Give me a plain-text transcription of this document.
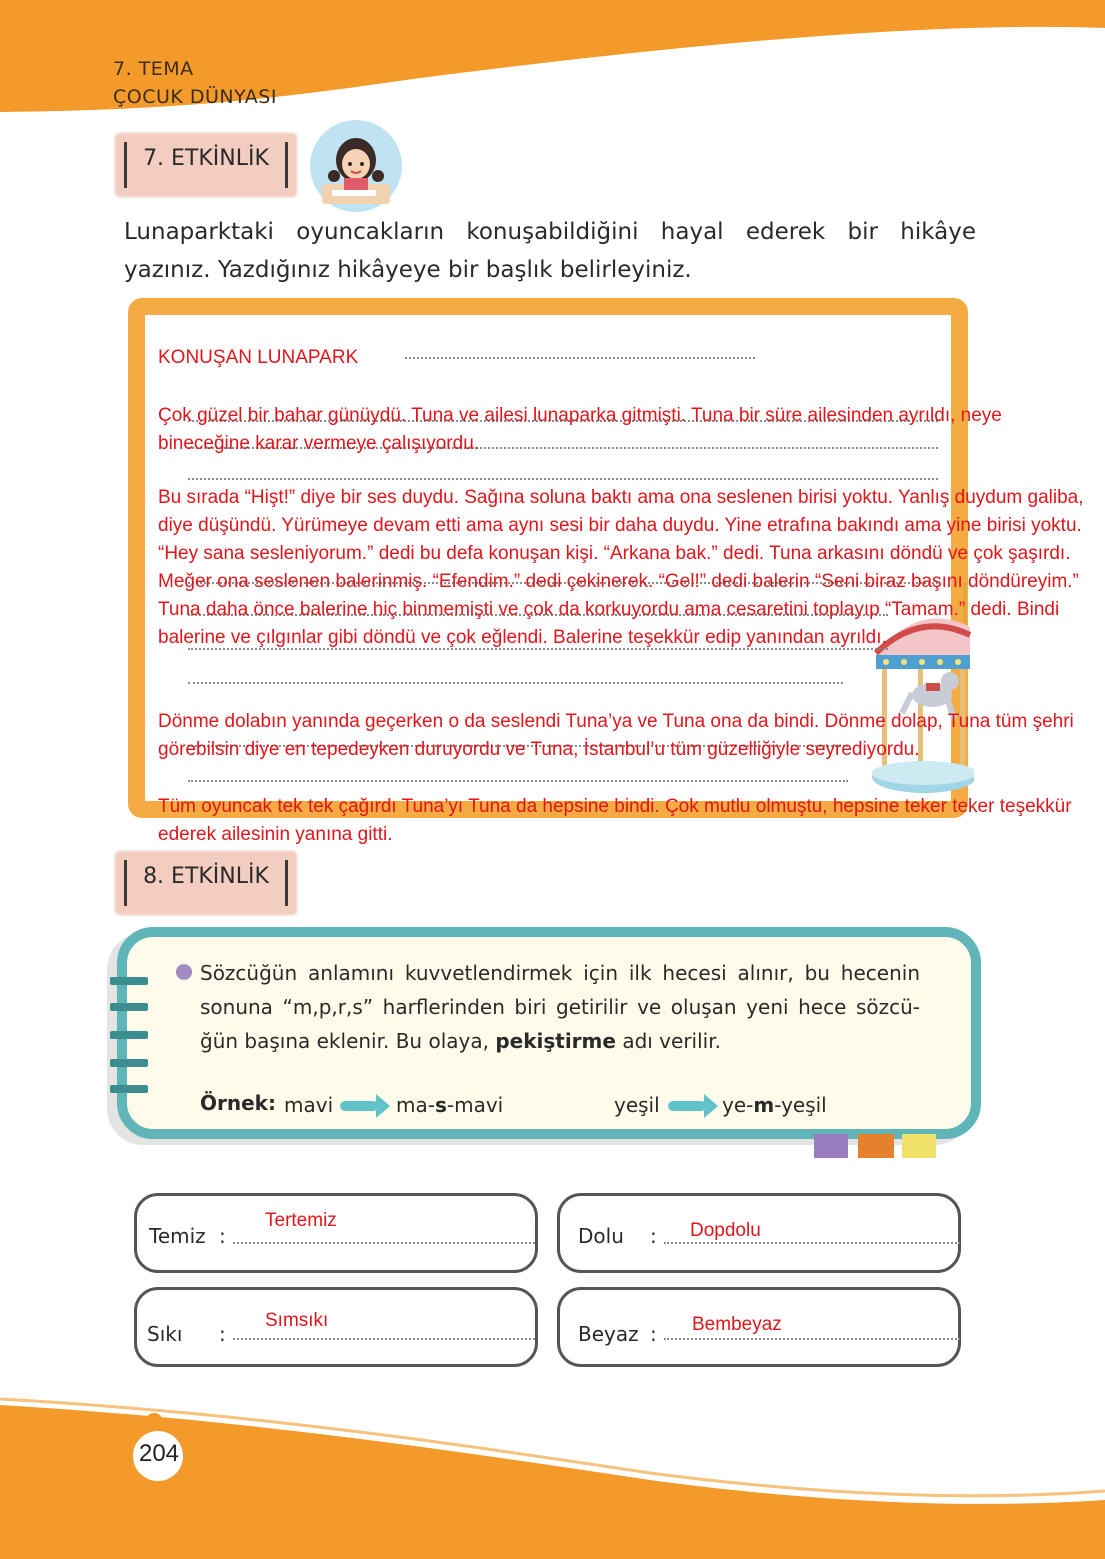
7. TEMA
ÇOCUK DÜNYASI
7. ETKİNLİK
Lunaparktaki oyuncakların konuşabildiğini hayal ederek bir hikâye yazınız. Yazdığınız hikâyeye bir başlık belirleyiniz.
KONUŞAN LUNAPARK
Çok güzel bir bahar günüydü. Tuna ve ailesi lunaparka gitmişti. Tuna bir süre ailesinden ayrıldı, neye bineceğine karar vermeye çalışıyordu.
Bu sırada “Hişt!” diye bir ses duydu. Sağına soluna baktı ama ona seslenen birisi yoktu. Yanlış duydum galiba, diye düşündü. Yürümeye devam etti ama aynı sesi bir daha duydu. Yine etrafına bakındı ama yine birisi yoktu. “Hey sana sesleniyorum.” dedi bu defa konuşan kişi. “Arkana bak.” dedi. Tuna arkasını döndü ve çok şaşırdı. Meğer ona seslenen balerinmiş. “Efendim.” dedi çekinerek. “Gel!” dedi balerin “Seni biraz başını döndüreyim.” Tuna daha önce balerine hiç binmemişti ve çok da korkuyordu ama cesaretini toplayıp “Tamam.” dedi. Bindi balerine ve çılgınlar gibi döndü ve çok eğlendi. Balerine teşekkür edip yanından ayrıldı.
Dönme dolabın yanında geçerken o da seslendi Tuna’ya ve Tuna ona da bindi. Dönme dolap, Tuna tüm şehri görebilsin diye en tepedeyken duruyordu ve Tuna, İstanbul’u tüm güzelliğiyle seyrediyordu.
Tüm oyuncak tek tek çağırdı Tuna’yı Tuna da hepsine bindi. Çok mutlu olmuştu, hepsine teker teker teşekkür ederek ailesinin yanına gitti.
8. ETKİNLİK
Sözcüğün anlamını kuvvetlendirmek için ilk hecesi alınır, bu hecenin sonuna “m,p,r,s” harflerinden biri getirilir ve oluşan yeni hece sözcü-ğün başına eklenir. Bu olaya, pekiştirme adı verilir.
Örnek: mavi	ma-s-mavi	yeşil	ye-m-yeşil
Temiz :
Tertemiz
Dolu : Dopdolu
Sıkı :
Sımsıkı
Beyaz : Bembeyaz
204
